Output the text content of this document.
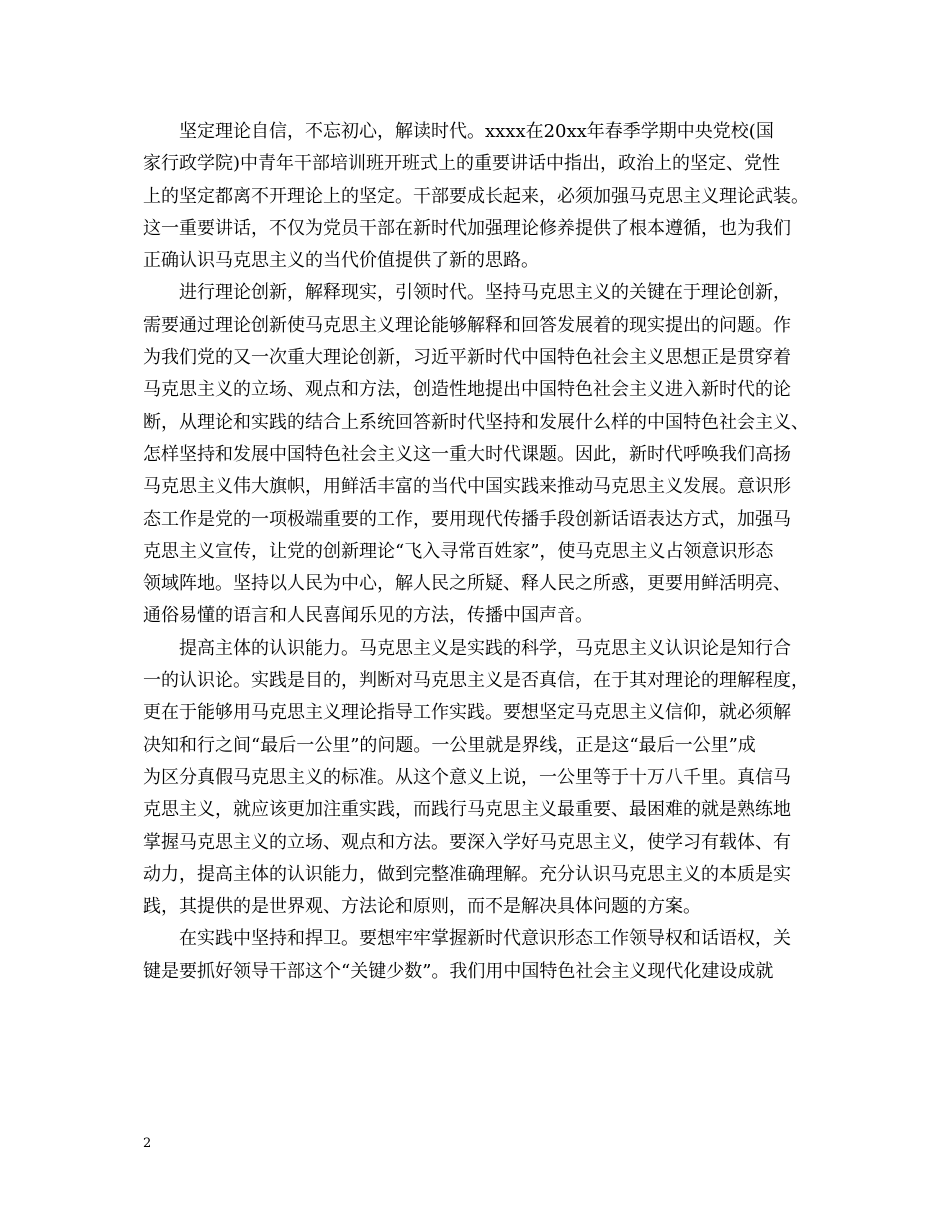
坚定理论自信，不忘初心，解读时代。xxxx在20xx年春季学期中央党校(国
家行政学院)中青年干部培训班开班式上的重要讲话中指出，政治上的坚定、党性
上的坚定都离不开理论上的坚定。干部要成长起来，必须加强马克思主义理论武装。
这一重要讲话，不仅为党员干部在新时代加强理论修养提供了根本遵循，也为我们
正确认识马克思主义的当代价值提供了新的思路。
进行理论创新，解释现实，引领时代。坚持马克思主义的关键在于理论创新，
需要通过理论创新使马克思主义理论能够解释和回答发展着的现实提出的问题。作
为我们党的又一次重大理论创新，习近平新时代中国特色社会主义思想正是贯穿着
马克思主义的立场、观点和方法，创造性地提出中国特色社会主义进入新时代的论
断，从理论和实践的结合上系统回答新时代坚持和发展什么样的中国特色社会主义、
怎样坚持和发展中国特色社会主义这一重大时代课题。因此，新时代呼唤我们高扬
马克思主义伟大旗帜，用鲜活丰富的当代中国实践来推动马克思主义发展。意识形
态工作是党的一项极端重要的工作，要用现代传播手段创新话语表达方式，加强马
克思主义宣传，让党的创新理论“飞入寻常百姓家”，使马克思主义占领意识形态
领域阵地。坚持以人民为中心，解人民之所疑、释人民之所惑，更要用鲜活明亮、
通俗易懂的语言和人民喜闻乐见的方法，传播中国声音。
提高主体的认识能力。马克思主义是实践的科学，马克思主义认识论是知行合
一的认识论。实践是目的，判断对马克思主义是否真信，在于其对理论的理解程度，
更在于能够用马克思主义理论指导工作实践。要想坚定马克思主义信仰，就必须解
决知和行之间“最后一公里”的问题。一公里就是界线，正是这“最后一公里”成
为区分真假马克思主义的标准。从这个意义上说，一公里等于十万八千里。真信马
克思主义，就应该更加注重实践，而践行马克思主义最重要、最困难的就是熟练地
掌握马克思主义的立场、观点和方法。要深入学好马克思主义，使学习有载体、有
动力，提高主体的认识能力，做到完整准确理解。充分认识马克思主义的本质是实
践，其提供的是世界观、方法论和原则，而不是解决具体问题的方案。
在实践中坚持和捍卫。要想牢牢掌握新时代意识形态工作领导权和话语权，关
键是要抓好领导干部这个“关键少数”。我们用中国特色社会主义现代化建设成就
2
